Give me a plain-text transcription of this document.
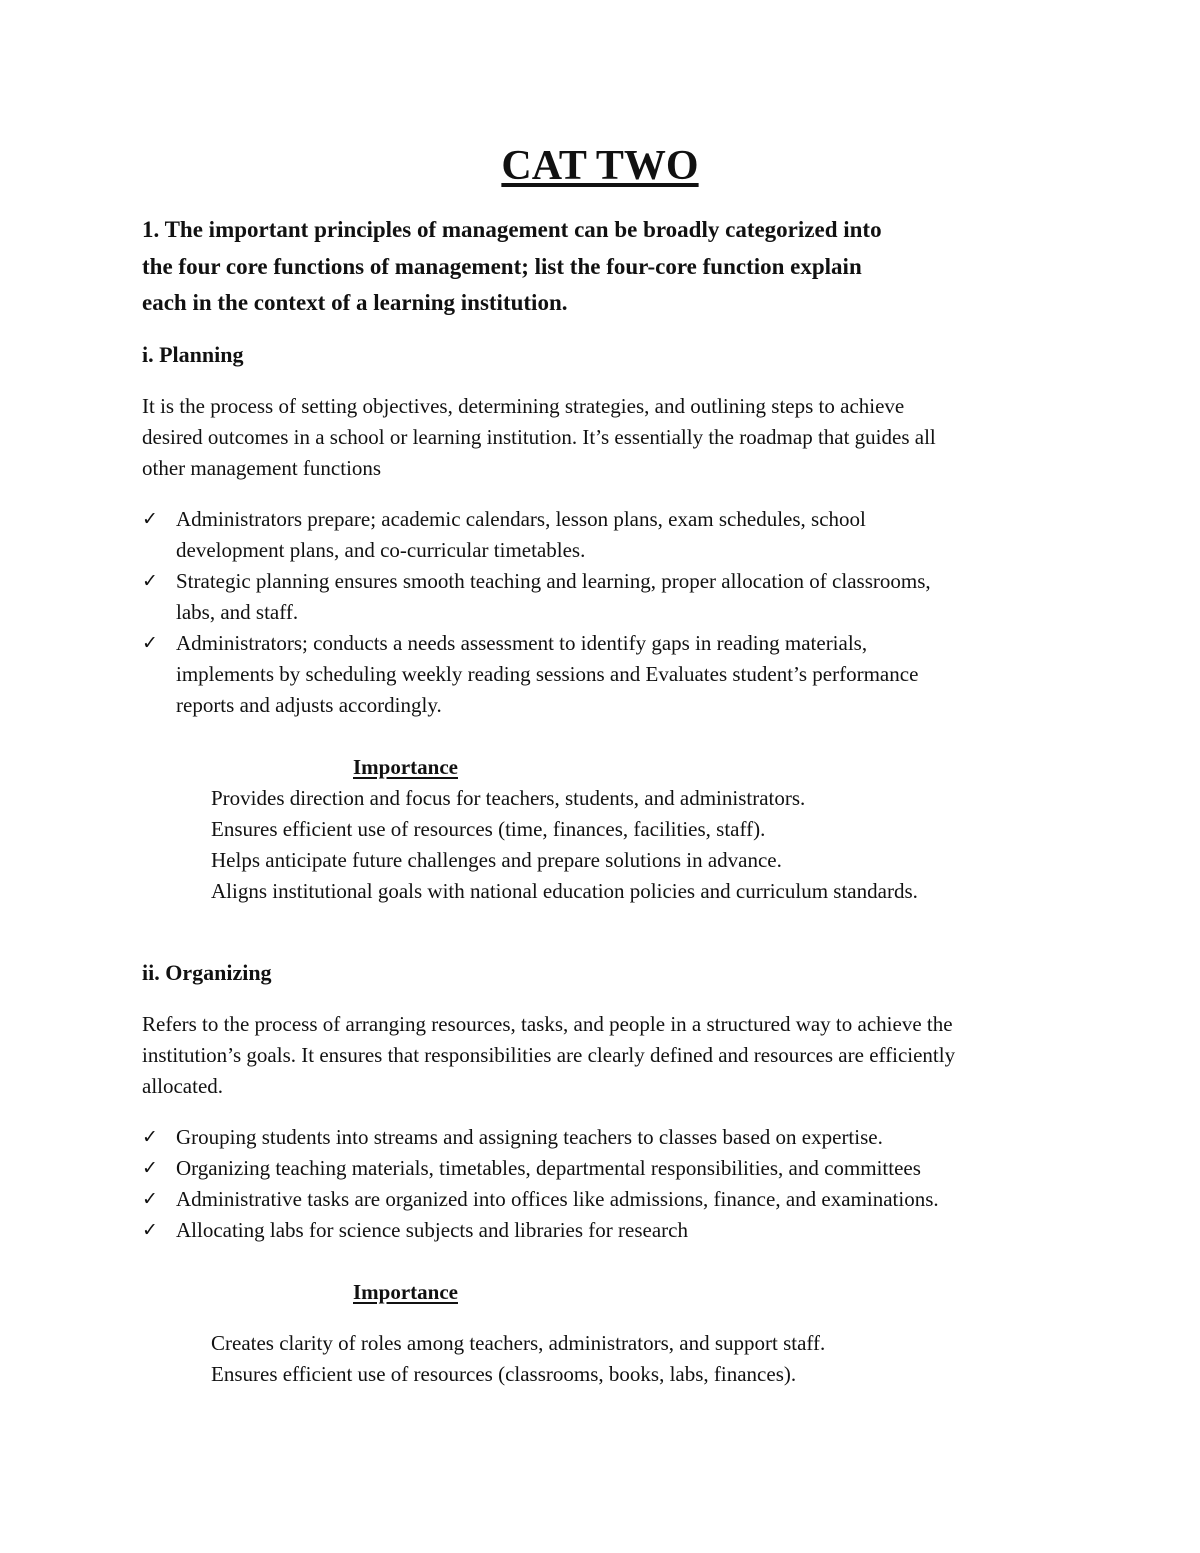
CAT TWO

1. The important principles of management can be broadly categorized into

the four core functions of management; list the four-core function explain

each in the context of a learning institution.

i. Planning

It is the process of setting objectives, determining strategies, and outlining steps to achieve

desired outcomes in a school or learning institution. It’s essentially the roadmap that guides all

other management functions

✓ Administrators prepare; academic calendars, lesson plans, exam schedules, school
development plans, and co-curricular timetables.
✓ Strategic planning ensures smooth teaching and learning, proper allocation of classrooms,
labs, and staff.
✓ Administrators; conducts a needs assessment to identify gaps in reading materials,
implements by scheduling weekly reading sessions and Evaluates student’s performance
reports and adjusts accordingly.

Importance

Provides direction and focus for teachers, students, and administrators.

Ensures efficient use of resources (time, finances, facilities, staff).

Helps anticipate future challenges and prepare solutions in advance.

Aligns institutional goals with national education policies and curriculum standards.

ii. Organizing

Refers to the process of arranging resources, tasks, and people in a structured way to achieve the

institution’s goals. It ensures that responsibilities are clearly defined and resources are efficiently

allocated.

✓ Grouping students into streams and assigning teachers to classes based on expertise.
✓ Organizing teaching materials, timetables, departmental responsibilities, and committees
✓ Administrative tasks are organized into offices like admissions, finance, and examinations.
✓ Allocating labs for science subjects and libraries for research

Importance

Creates clarity of roles among teachers, administrators, and support staff.

Ensures efficient use of resources (classrooms, books, labs, finances).
